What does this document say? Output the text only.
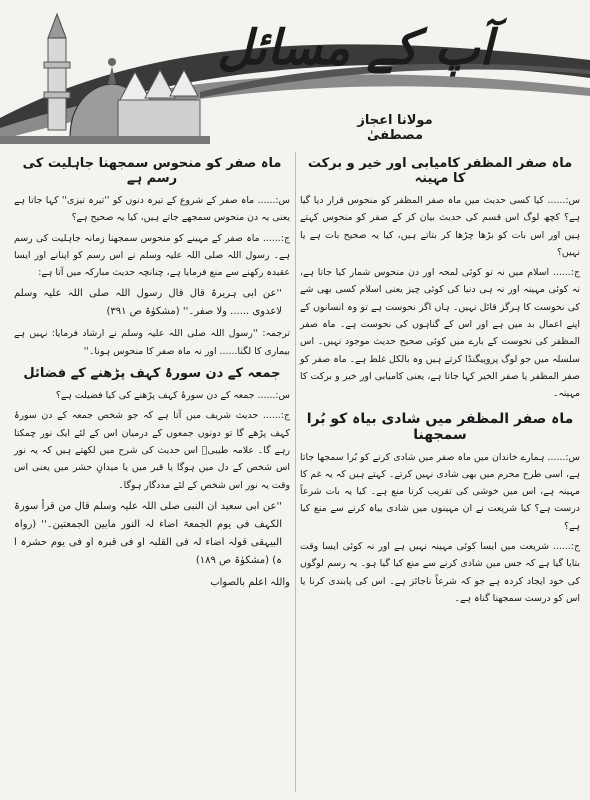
آپ کے مسائل
مولانا اعجاز مصطفیٰ
ماہ صفر المظفر کامیابی اور خیر و برکت کا مہینہ

س:...... کیا کسی حدیث میں ماہ صفر المظفر کو منحوس قرار دیا گیا ہے؟ کچھ لوگ اس قسم کی حدیث بیان کر کے صفر کو منحوس کہتے ہیں اور اس بات کو بڑھا چڑھا کر بتاتے ہیں، کیا یہ صحیح بات ہے یا نہیں؟

ج:...... اسلام میں نہ تو کوئی لمحہ اور دن منحوس شمار کیا جاتا ہے، نہ کوئی مہینہ اور نہ ہی دنیا کی کوئی چیز یعنی اسلام کسی بھی شے کی نحوست کا ہرگز قائل نہیں۔ ہاں اگر نحوست ہے تو وہ انسانوں کے اپنے اعمال بد میں ہے اور اس کے گناہوں کی نحوست ہے۔ ماہ صفر المظفر کی نحوست کے بارے میں کوئی صحیح حدیث موجود نہیں۔ اس سلسلہ میں جو لوگ پروپیگنڈا کرتے ہیں وہ بالکل غلط ہے۔ ماہ صفر کو صفر المظفر یا صفر الخیر کہا جاتا ہے، یعنی کامیابی اور خیر و برکت کا مہینہ۔

ماہ صفر المظفر میں شادی بیاہ کو بُرا سمجھنا

س:...... ہمارے خاندان میں ماہ صفر میں شادی کرنے کو بُرا سمجھا جاتا ہے، اسی طرح محرم میں بھی شادی نہیں کرتے۔ کہتے ہیں کہ یہ غم کا مہینہ ہے، اس میں خوشی کی تقریب کرنا منع ہے۔ کیا یہ بات شرعاً درست ہے؟ کیا شریعت نے ان مہینوں میں شادی بیاہ کرنے سے منع کیا ہے؟

ج:...... شریعت میں ایسا کوئی مہینہ نہیں ہے اور نہ کوئی ایسا وقت بتایا گیا ہے کہ جس میں شادی کرنے سے منع کیا گیا ہو۔ یہ رسم لوگوں کی خود ایجاد کردہ ہے جو کہ شرعاً ناجائز ہے۔ اس کی پابندی کرنا یا اس کو درست سمجھنا گناہ ہے۔

ماہ صفر کو منحوس سمجھنا جاہلیت کی رسم ہے

س:...... ماہ صفر کے شروع کے تیرہ دنوں کو ''تیرہ تیزی'' کہا جاتا ہے یعنی یہ دن منحوس سمجھے جاتے ہیں، کیا یہ صحیح ہے؟

ج:...... ماہ صفر کے مہینے کو منحوس سمجھنا زمانہ جاہلیت کی رسم ہے۔ رسول اللہ صلی اللہ علیہ وسلم نے اس رسم کو اپنانے اور ایسا عقیدہ رکھنے سے منع فرمایا ہے، چنانچہ حدیث مبارکہ میں آتا ہے:

''عن ابی ہریرۃ قال قال رسول اللہ صلی اللہ علیہ وسلم لاعدوی ...... ولا صفر۔'' (مشکوٰۃ ص ۳۹۱)

ترجمہ: ''رسول اللہ صلی اللہ علیہ وسلم نے ارشاد فرمایا: نہیں ہے بیماری کا لگنا...... اور نہ ماہ صفر کا منحوس ہونا۔''

جمعہ کے دن سورۂ کہف پڑھنے کے فضائل

س:...... جمعہ کے دن سورۂ کہف پڑھنے کی کیا فضیلت ہے؟

ج:...... حدیث شریف میں آتا ہے کہ جو شخص جمعہ کے دن سورۂ کہف پڑھے گا تو دونوں جمعوں کے درمیان اس کے لئے ایک نور چمکتا رہے گا۔ علامہ طیبیؒ اس حدیث کی شرح میں لکھتے ہیں کہ یہ نور اس شخص کے دل میں ہوگا یا قبر میں یا میدانِ حشر میں یعنی اس وقت یہ نور اس شخص کے لئے مددگار ہوگا۔

''عن ابی سعید ان النبی صلی اللہ علیہ وسلم قال من قرأ سورۃ الکہف فی یوم الجمعۃ اضاء لہ النور مابین الجمعتین۔'' (رواہ البیہقی قولہ اضاء لہ فی القلبہ او فی قبرہ او فی یوم حشرہ ا ہ) (مشکوٰۃ ص ۱۸۹)

واللہ اعلم بالصواب
